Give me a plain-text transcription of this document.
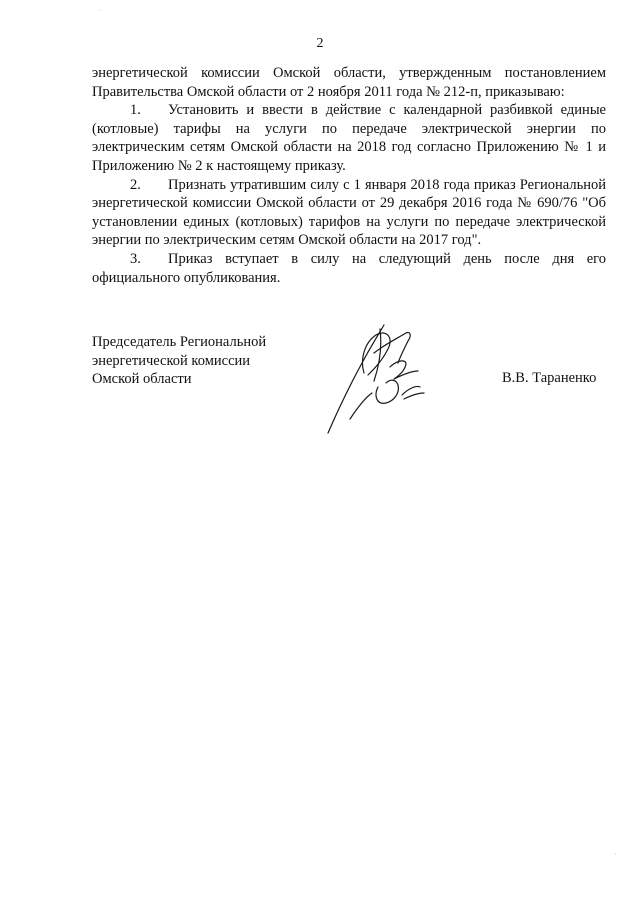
2

энергетической комиссии Омской области, утвержденным постановлением Правительства Омской области от 2 ноября 2011 года № 212-п, приказываю:

1. Установить и ввести в действие с календарной разбивкой единые (котловые) тарифы на услуги по передаче электрической энергии по электрическим сетям Омской области на 2018 год согласно Приложению № 1 и Приложению № 2 к настоящему приказу.

2. Признать утратившим силу с 1 января 2018 года приказ Региональной энергетической комиссии Омской области от 29 декабря 2016 года № 690/76 "Об установлении единых (котловых) тарифов на услуги по передаче электрической энергии по электрическим сетям Омской области на 2017 год".

3. Приказ вступает в силу на следующий день после дня его официального опубликования.

Председатель Региональной
энергетической комиссии
Омской области	В.В. Тараненко
˙
˙
